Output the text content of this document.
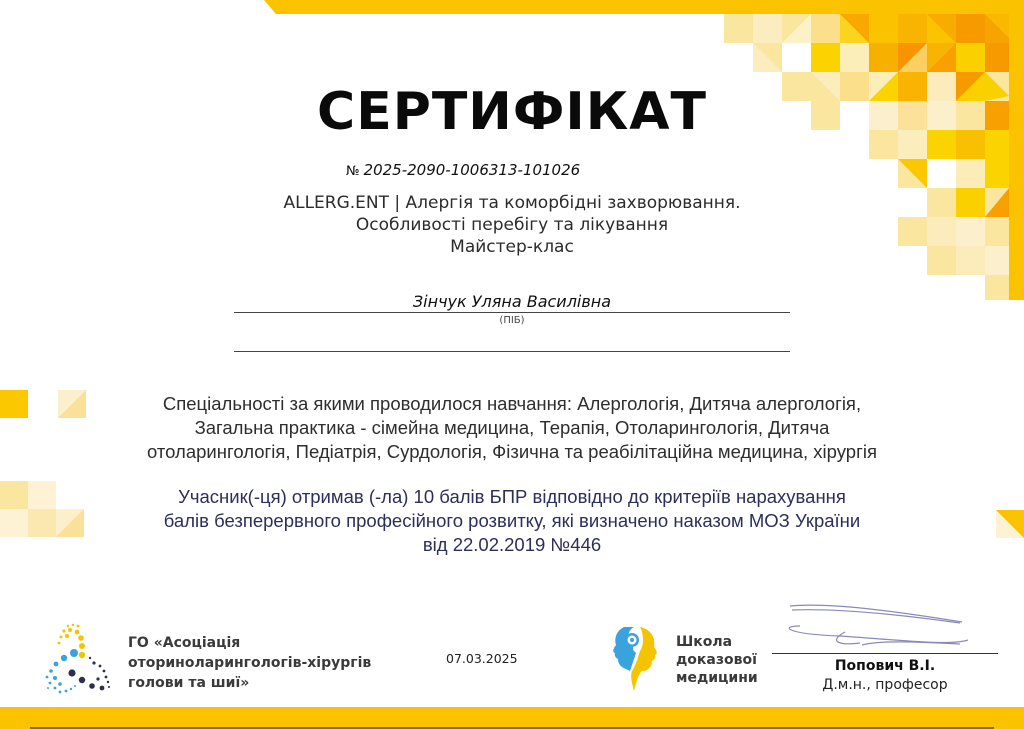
СЕРТИФІКАТ
№ 2025-2090-1006313-101026
ALLERG.ENT | Алергія та коморбідні захворювання.
Особливості перебігу та лікування
Майстер-клас
Зінчук Уляна Василівна
(ПІБ)
Спеціальності за якими проводилося навчання: Алергологія, Дитяча алергологія,
Загальна практика - сімейна медицина, Терапія, Отоларингологія, Дитяча
отоларингологія, Педіатрія, Сурдологія, Фізична та реабілітаційна медицина, хірургія
Учасник(-ця) отримав (-ла) 10 балів БПР відповідно до критеріїв нарахування
балів безперервного професійного розвитку, які визначено наказом МОЗ України
від 22.02.2019 №446
ГО «Асоціація
оториноларингологів-хірургів
голови та шиї»
07.03.2025
Школа
доказової
медицини
Попович В.І.
Д.м.н., професор
